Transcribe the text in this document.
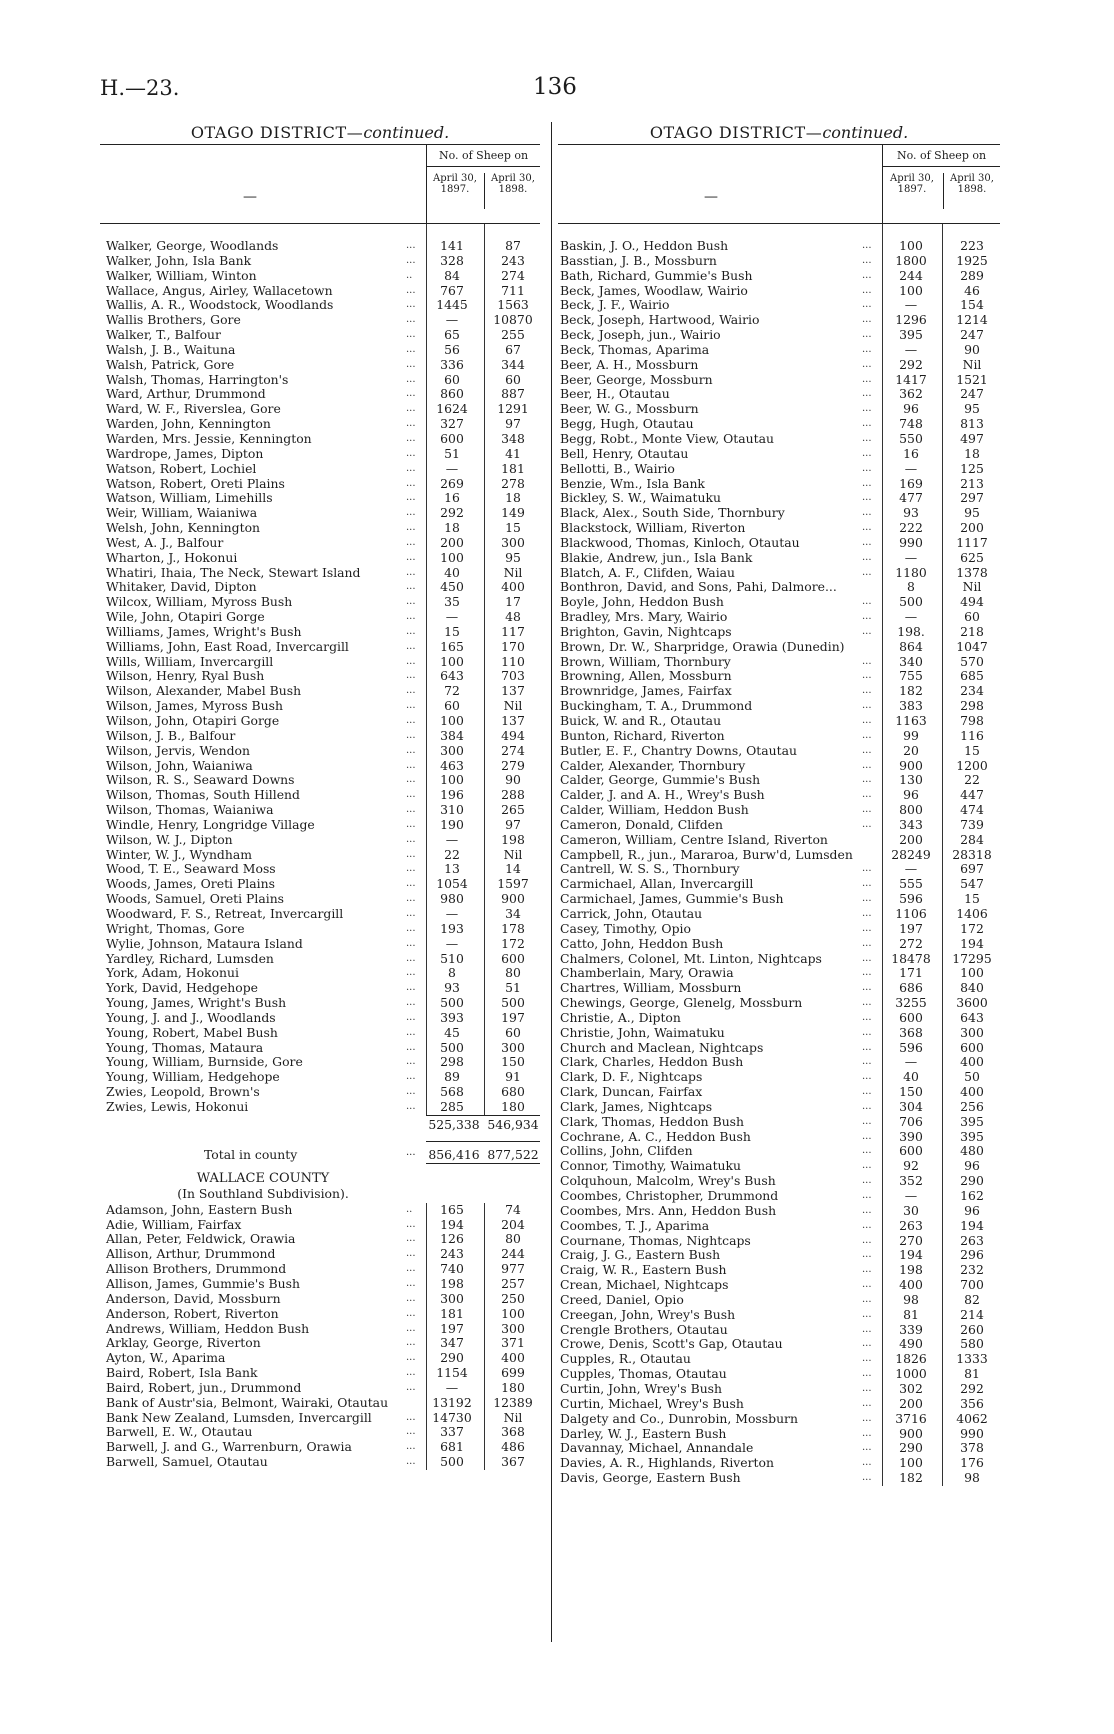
H.—23.	136
OTAGO DISTRICT—continued.
—
No. of Sheep on
April 30, 1897.
April 30, 1898.
Walker, George, Woodlands	...	141	87
Walker, John, Isla Bank	...	328	243
Walker, William, Winton	..	84	274
Wallace, Angus, Airley, Wallacetown	...	767	711
Wallis, A. R., Woodstock, Woodlands	...	1445	1563
Wallis Brothers, Gore	...	—	10870
Walker, T., Balfour	...	65	255
Walsh, J. B., Waituna	...	56	67
Walsh, Patrick, Gore	...	336	344
Walsh, Thomas, Harrington's	...	60	60
Ward, Arthur, Drummond	...	860	887
Ward, W. F., Riverslea, Gore	...	1624	1291
Warden, John, Kennington	...	327	97
Warden, Mrs. Jessie, Kennington	...	600	348
Wardrope, James, Dipton	...	51	41
Watson, Robert, Lochiel	...	—	181
Watson, Robert, Oreti Plains	...	269	278
Watson, William, Limehills	...	16	18
Weir, William, Waianiwa	...	292	149
Welsh, John, Kennington	...	18	15
West, A. J., Balfour	...	200	300
Wharton, J., Hokonui	...	100	95
Whatiri, Ihaia, The Neck, Stewart Island	...	40	Nil
Whitaker, David, Dipton	...	450	400
Wilcox, William, Myross Bush	...	35	17
Wile, John, Otapiri Gorge	...	—	48
Williams, James, Wright's Bush	...	15	117
Williams, John, East Road, Invercargill	...	165	170
Wills, William, Invercargill	...	100	110
Wilson, Henry, Ryal Bush	...	643	703
Wilson, Alexander, Mabel Bush	...	72	137
Wilson, James, Myross Bush	...	60	Nil
Wilson, John, Otapiri Gorge	...	100	137
Wilson, J. B., Balfour	...	384	494
Wilson, Jervis, Wendon	...	300	274
Wilson, John, Waianiwa	...	463	279
Wilson, R. S., Seaward Downs	...	100	90
Wilson, Thomas, South Hillend	...	196	288
Wilson, Thomas, Waianiwa	...	310	265
Windle, Henry, Longridge Village	...	190	97
Wilson, W. J., Dipton	...	—	198
Winter, W. J., Wyndham	...	22	Nil
Wood, T. E., Seaward Moss	...	13	14
Woods, James, Oreti Plains	...	1054	1597
Woods, Samuel, Oreti Plains	...	980	900
Woodward, F. S., Retreat, Invercargill	...	—	34
Wright, Thomas, Gore	...	193	178
Wylie, Johnson, Mataura Island	...	—	172
Yardley, Richard, Lumsden	...	510	600
York, Adam, Hokonui	...	8	80
York, David, Hedgehope	...	93	51
Young, James, Wright's Bush	...	500	500
Young, J. and J., Woodlands	...	393	197
Young, Robert, Mabel Bush	...	45	60
Young, Thomas, Mataura	...	500	300
Young, William, Burnside, Gore	...	298	150
Young, William, Hedgehope	...	89	91
Zwies, Leopold, Brown's	...	568	680
Zwies, Lewis, Hokonui	...	285	180
525,338 546,934
Total in county	... 856,416 877,522
WALLACE COUNTY
(In Southland Subdivision).
Adamson, John, Eastern Bush	..	165	74
Adie, William, Fairfax	...	194	204
Allan, Peter, Feldwick, Orawia	...	126	80
Allison, Arthur, Drummond	...	243	244
Allison Brothers, Drummond	...	740	977
Allison, James, Gummie's Bush	...	198	257
Anderson, David, Mossburn	...	300	250
Anderson, Robert, Riverton	...	181	100
Andrews, William, Heddon Bush	...	197	300
Arklay, George, Riverton	...	347	371
Ayton, W., Aparima	...	290	400
Baird, Robert, Isla Bank	...	1154	699
Baird, Robert, jun., Drummond	...	—	180
Bank of Austr'sia, Belmont, Wairaki, Otautau	13192	12389
Bank New Zealand, Lumsden, Invercargill	...	14730	Nil
Barwell, E. W., Otautau	...	337	368
Barwell, J. and G., Warrenburn, Orawia	...	681	486
Barwell, Samuel, Otautau	...	500	367
OTAGO DISTRICT—continued.
—
No. of Sheep on
April 30, 1897.
April 30, 1898.
Baskin, J. O., Heddon Bush	...	100	223
Basstian, J. B., Mossburn	...	1800	1925
Bath, Richard, Gummie's Bush	...	244	289
Beck, James, Woodlaw, Wairio	...	100	46
Beck, J. F., Wairio	...	—	154
Beck, Joseph, Hartwood, Wairio	...	1296	1214
Beck, Joseph, jun., Wairio	...	395	247
Beck, Thomas, Aparima	...	—	90
Beer, A. H., Mossburn	...	292	Nil
Beer, George, Mossburn	...	1417	1521
Beer, H., Otautau	...	362	247
Beer, W. G., Mossburn	...	96	95
Begg, Hugh, Otautau	...	748	813
Begg, Robt., Monte View, Otautau	...	550	497
Bell, Henry, Otautau	...	16	18
Bellotti, B., Wairio	...	—	125
Benzie, Wm., Isla Bank	...	169	213
Bickley, S. W., Waimatuku	...	477	297
Black, Alex., South Side, Thornbury	...	93	95
Blackstock, William, Riverton	...	222	200
Blackwood, Thomas, Kinloch, Otautau	...	990	1117
Blakie, Andrew, jun., Isla Bank	...	—	625
Blatch, A. F., Clifden, Waiau	...	1180	1378
Bonthron, David, and Sons, Pahi, Dalmore...	8	Nil
Boyle, John, Heddon Bush	...	500	494
Bradley, Mrs. Mary, Wairio	...	—	60
Brighton, Gavin, Nightcaps	...	198.	218
Brown, Dr. W., Sharpridge, Orawia (Dunedin)	864	1047
Brown, William, Thornbury	...	340	570
Browning, Allen, Mossburn	...	755	685
Brownridge, James, Fairfax	...	182	234
Buckingham, T. A., Drummond	...	383	298
Buick, W. and R., Otautau	...	1163	798
Bunton, Richard, Riverton	...	99	116
Butler, E. F., Chantry Downs, Otautau	...	20	15
Calder, Alexander, Thornbury	...	900	1200
Calder, George, Gummie's Bush	...	130	22
Calder, J. and A. H., Wrey's Bush	...	96	447
Calder, William, Heddon Bush	...	800	474
Cameron, Donald, Clifden	...	343	739
Cameron, William, Centre Island, Riverton	200	284
Campbell, R., jun., Mararoa, Burw'd, Lumsden	28249	28318
Cantrell, W. S. S., Thornbury	...	—	697
Carmichael, Allan, Invercargill	...	555	547
Carmichael, James, Gummie's Bush	...	596	15
Carrick, John, Otautau	...	1106	1406
Casey, Timothy, Opio	...	197	172
Catto, John, Heddon Bush	...	272	194
Chalmers, Colonel, Mt. Linton, Nightcaps	...	18478	17295
Chamberlain, Mary, Orawia	...	171	100
Chartres, William, Mossburn	...	686	840
Chewings, George, Glenelg, Mossburn	...	3255	3600
Christie, A., Dipton	...	600	643
Christie, John, Waimatuku	...	368	300
Church and Maclean, Nightcaps	...	596	600
Clark, Charles, Heddon Bush	...	—	400
Clark, D. F., Nightcaps	...	40	50
Clark, Duncan, Fairfax	...	150	400
Clark, James, Nightcaps	...	304	256
Clark, Thomas, Heddon Bush	...	706	395
Cochrane, A. C., Heddon Bush	...	390	395
Collins, John, Clifden	...	600	480
Connor, Timothy, Waimatuku	...	92	96
Colquhoun, Malcolm, Wrey's Bush	...	352	290
Coombes, Christopher, Drummond	...	—	162
Coombes, Mrs. Ann, Heddon Bush	...	30	96
Coombes, T. J., Aparima	...	263	194
Cournane, Thomas, Nightcaps	...	270	263
Craig, J. G., Eastern Bush	...	194	296
Craig, W. R., Eastern Bush	...	198	232
Crean, Michael, Nightcaps	...	400	700
Creed, Daniel, Opio	...	98	82
Creegan, John, Wrey's Bush	...	81	214
Crengle Brothers, Otautau	...	339	260
Crowe, Denis, Scott's Gap, Otautau	...	490	580
Cupples, R., Otautau	...	1826	1333
Cupples, Thomas, Otautau	...	1000	81
Curtin, John, Wrey's Bush	...	302	292
Curtin, Michael, Wrey's Bush	...	200	356
Dalgety and Co., Dunrobin, Mossburn	...	3716	4062
Darley, W. J., Eastern Bush	...	900	990
Davannay, Michael, Annandale	...	290	378
Davies, A. R., Highlands, Riverton	...	100	176
Davis, George, Eastern Bush	...	182	98
